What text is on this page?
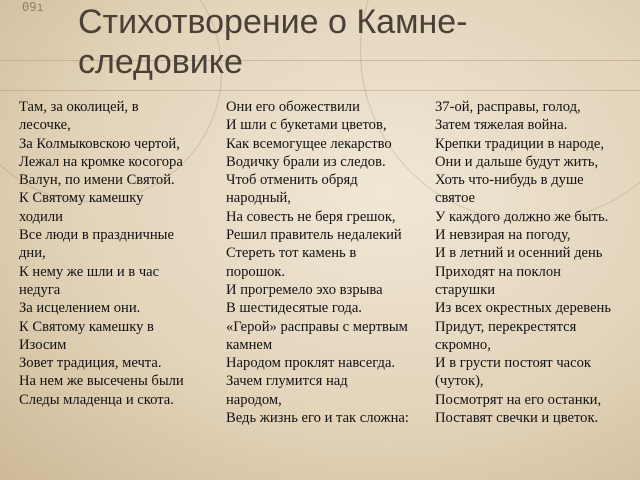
09ı Стихотворение о Камне-
следовике
Там, за околицей, в
лесочке,
За Колмыковскою чертой,
Лежал на кромке косогора
Валун, по имени Святой.
К Святому камешку
ходили
Все люди в праздничные
дни,
К нему же шли и в час
недуга
За исцелением они.
К Святому камешку в
Изосим
Зовет традиция, мечта.
На нем же высечены были
Следы младенца и скота.
Они его обожествили
И шли с букетами цветов,
Как всемогущее лекарство
Водичку брали из следов.
Чтоб отменить обряд
народный,
На совесть не беря грешок,
Решил правитель недалекий
Стереть тот камень в
порошок.
И прогремело эхо взрыва
В шестидесятые года.
«Герой» расправы с мертвым
камнем
Народом проклят навсегда.
Зачем глумится над
народом,
Ведь жизнь его и так сложна:
37-ой, расправы, голод,
Затем тяжелая война.
Крепки традиции в народе,
Они и дальше будут жить,
Хоть что-нибудь в душе
святое
У каждого должно же быть.
И невзирая на погоду,
И в летний и осенний день
Приходят на поклон
старушки
Из всех окрестных деревень
Придут, перекрестятся
скромно,
И в грусти постоят часок
(чуток),
Посмотрят на его останки,
Поставят свечки и цветок.
